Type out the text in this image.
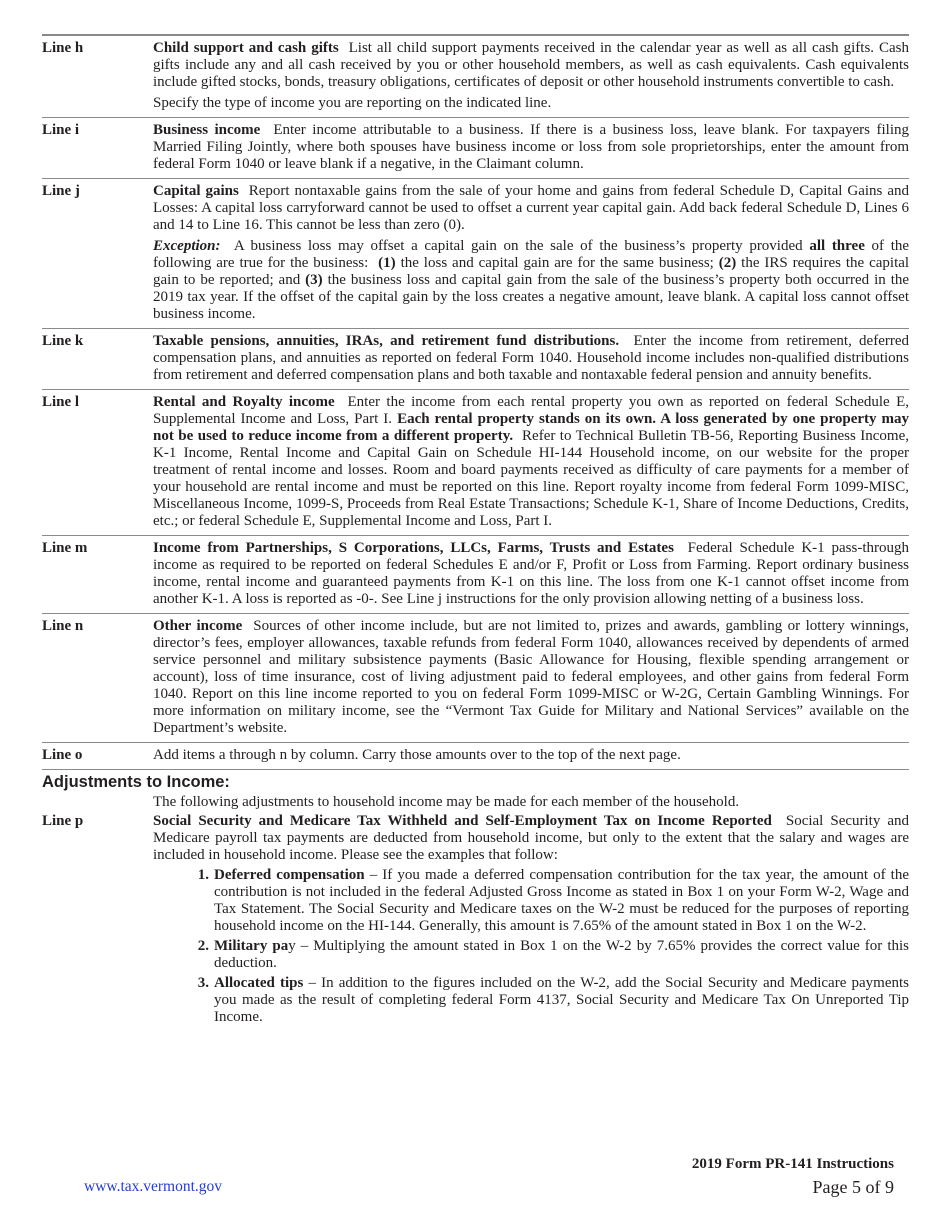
Line h	Child support and cash gifts List all child support payments received in the calendar year as well as all cash gifts. Cash gifts include any and all cash received by you or other household members, as well as cash equivalents. Cash equivalents include gifted stocks, bonds, treasury obligations, certificates of deposit or other household instruments convertible to cash.

Specify the type of income you are reporting on the indicated line.

Line i	Business income Enter income attributable to a business. If there is a business loss, leave blank. For taxpayers filing Married Filing Jointly, where both spouses have business income or loss from sole proprietorships, enter the amount from federal Form 1040 or leave blank if a negative, in the Claimant column.

Line j	Capital gains Report nontaxable gains from the sale of your home and gains from federal Schedule D, Capital Gains and Losses: A capital loss carryforward cannot be used to offset a current year capital gain. Add back federal Schedule D, Lines 6 and 14 to Line 16. This cannot be less than zero (0).

Exception: A business loss may offset a capital gain on the sale of the business’s property provided all three of the following are true for the business: (1) the loss and capital gain are for the same business; (2) the IRS requires the capital gain to be reported; and (3) the business loss and capital gain from the sale of the business’s property both occurred in the 2019 tax year. If the offset of the capital gain by the loss creates a negative amount, leave blank. A capital loss cannot offset business income.

Line k	Taxable pensions, annuities, IRAs, and retirement fund distributions. Enter the income from retirement, deferred compensation plans, and annuities as reported on federal Form 1040. Household income includes non-qualified distributions from retirement and deferred compensation plans and both taxable and nontaxable federal pension and annuity benefits.

Line l	Rental and Royalty income Enter the income from each rental property you own as reported on federal Schedule E, Supplemental Income and Loss, Part I. Each rental property stands on its own. A loss generated by one property may not be used to reduce income from a different property. Refer to Technical Bulletin TB-56, Reporting Business Income, K-1 Income, Rental Income and Capital Gain on Schedule HI-144 Household income, on our website for the proper treatment of rental income and losses. Room and board payments received as difficulty of care payments for a member of your household are rental income and must be reported on this line. Report royalty income from federal Form 1099-MISC, Miscellaneous Income, 1099-S, Proceeds from Real Estate Transactions; Schedule K-1, Share of Income Deductions, Credits, etc.; or federal Schedule E, Supplemental Income and Loss, Part I.

Line m	Income from Partnerships, S Corporations, LLCs, Farms, Trusts and Estates Federal Schedule K-1 pass-through income as required to be reported on federal Schedules E and/or F, Profit or Loss from Farming. Report ordinary business income, rental income and guaranteed payments from K-1 on this line. The loss from one K-1 cannot offset income from another K-1. A loss is reported as -0-. See Line j instructions for the only provision allowing netting of a business loss.

Line n	Other income Sources of other income include, but are not limited to, prizes and awards, gambling or lottery winnings, director’s fees, employer allowances, taxable refunds from federal Form 1040, allowances received by dependents of armed service personnel and military subsistence payments (Basic Allowance for Housing, flexible spending arrangement or account), loss of time insurance, cost of living adjustment paid to federal employees, and other gains from federal Form 1040. Report on this line income reported to you on federal Form 1099-MISC or W-2G, Certain Gambling Winnings. For more information on military income, see the “Vermont Tax Guide for Military and National Services” available on the Department’s website.

Line o	Add items a through n by column. Carry those amounts over to the top of the next page.

Adjustments to Income:
The following adjustments to household income may be made for each member of the household.
Line p	Social Security and Medicare Tax Withheld and Self-Employment Tax on Income Reported Social Security and Medicare payroll tax payments are deducted from household income, but only to the extent that the salary and wages are included in household income. Please see the examples that follow:

1. Deferred compensation – If you made a deferred compensation contribution for the tax year, the amount of the contribution is not included in the federal Adjusted Gross Income as stated in Box 1 on your Form W-2, Wage and Tax Statement. The Social Security and Medicare taxes on the W-2 must be reduced for the purposes of reporting household income on the HI-144. Generally, this amount is 7.65% of the amount stated in Box 1 on the W-2.
2. Military pay – Multiplying the amount stated in Box 1 on the W-2 by 7.65% provides the correct value for this deduction.
3. Allocated tips – In addition to the figures included on the W-2, add the Social Security and Medicare payments you made as the result of completing federal Form 4137, Social Security and Medicare Tax On Unreported Tip Income.
2019 Form PR-141 Instructions
www.tax.vermont.gov	Page 5 of 9
